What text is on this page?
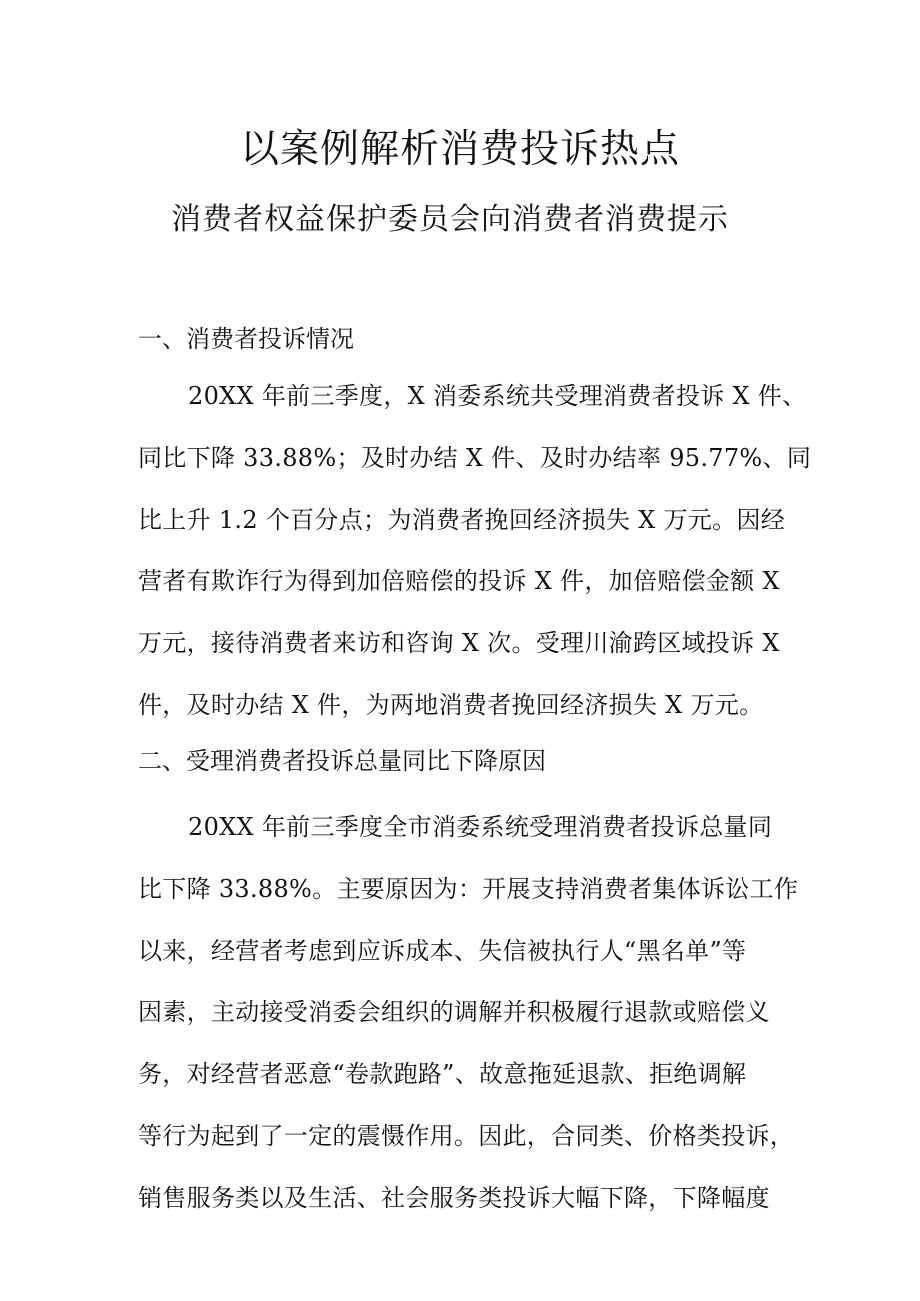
以案例解析消费投诉热点
消费者权益保护委员会向消费者消费提示
一、消费者投诉情况
20XX 年前三季度，X 消委系统共受理消费者投诉 X 件、
同比下降 33.88%；及时办结 X 件、及时办结率 95.77%、同
比上升 1.2 个百分点；为消费者挽回经济损失 X 万元。因经
营者有欺诈行为得到加倍赔偿的投诉 X 件，加倍赔偿金额 X
万元，接待消费者来访和咨询 X 次。受理川渝跨区域投诉 X
件，及时办结 X 件，为两地消费者挽回经济损失 X 万元。
二、受理消费者投诉总量同比下降原因
20XX 年前三季度全市消委系统受理消费者投诉总量同
比下降 33.88%。主要原因为：开展支持消费者集体诉讼工作
以来，经营者考虑到应诉成本、失信被执行人“黑名单”等
因素，主动接受消委会组织的调解并积极履行退款或赔偿义
务，对经营者恶意“卷款跑路”、故意拖延退款、拒绝调解
等行为起到了一定的震慑作用。因此，合同类、价格类投诉，
销售服务类以及生活、社会服务类投诉大幅下降，下降幅度
